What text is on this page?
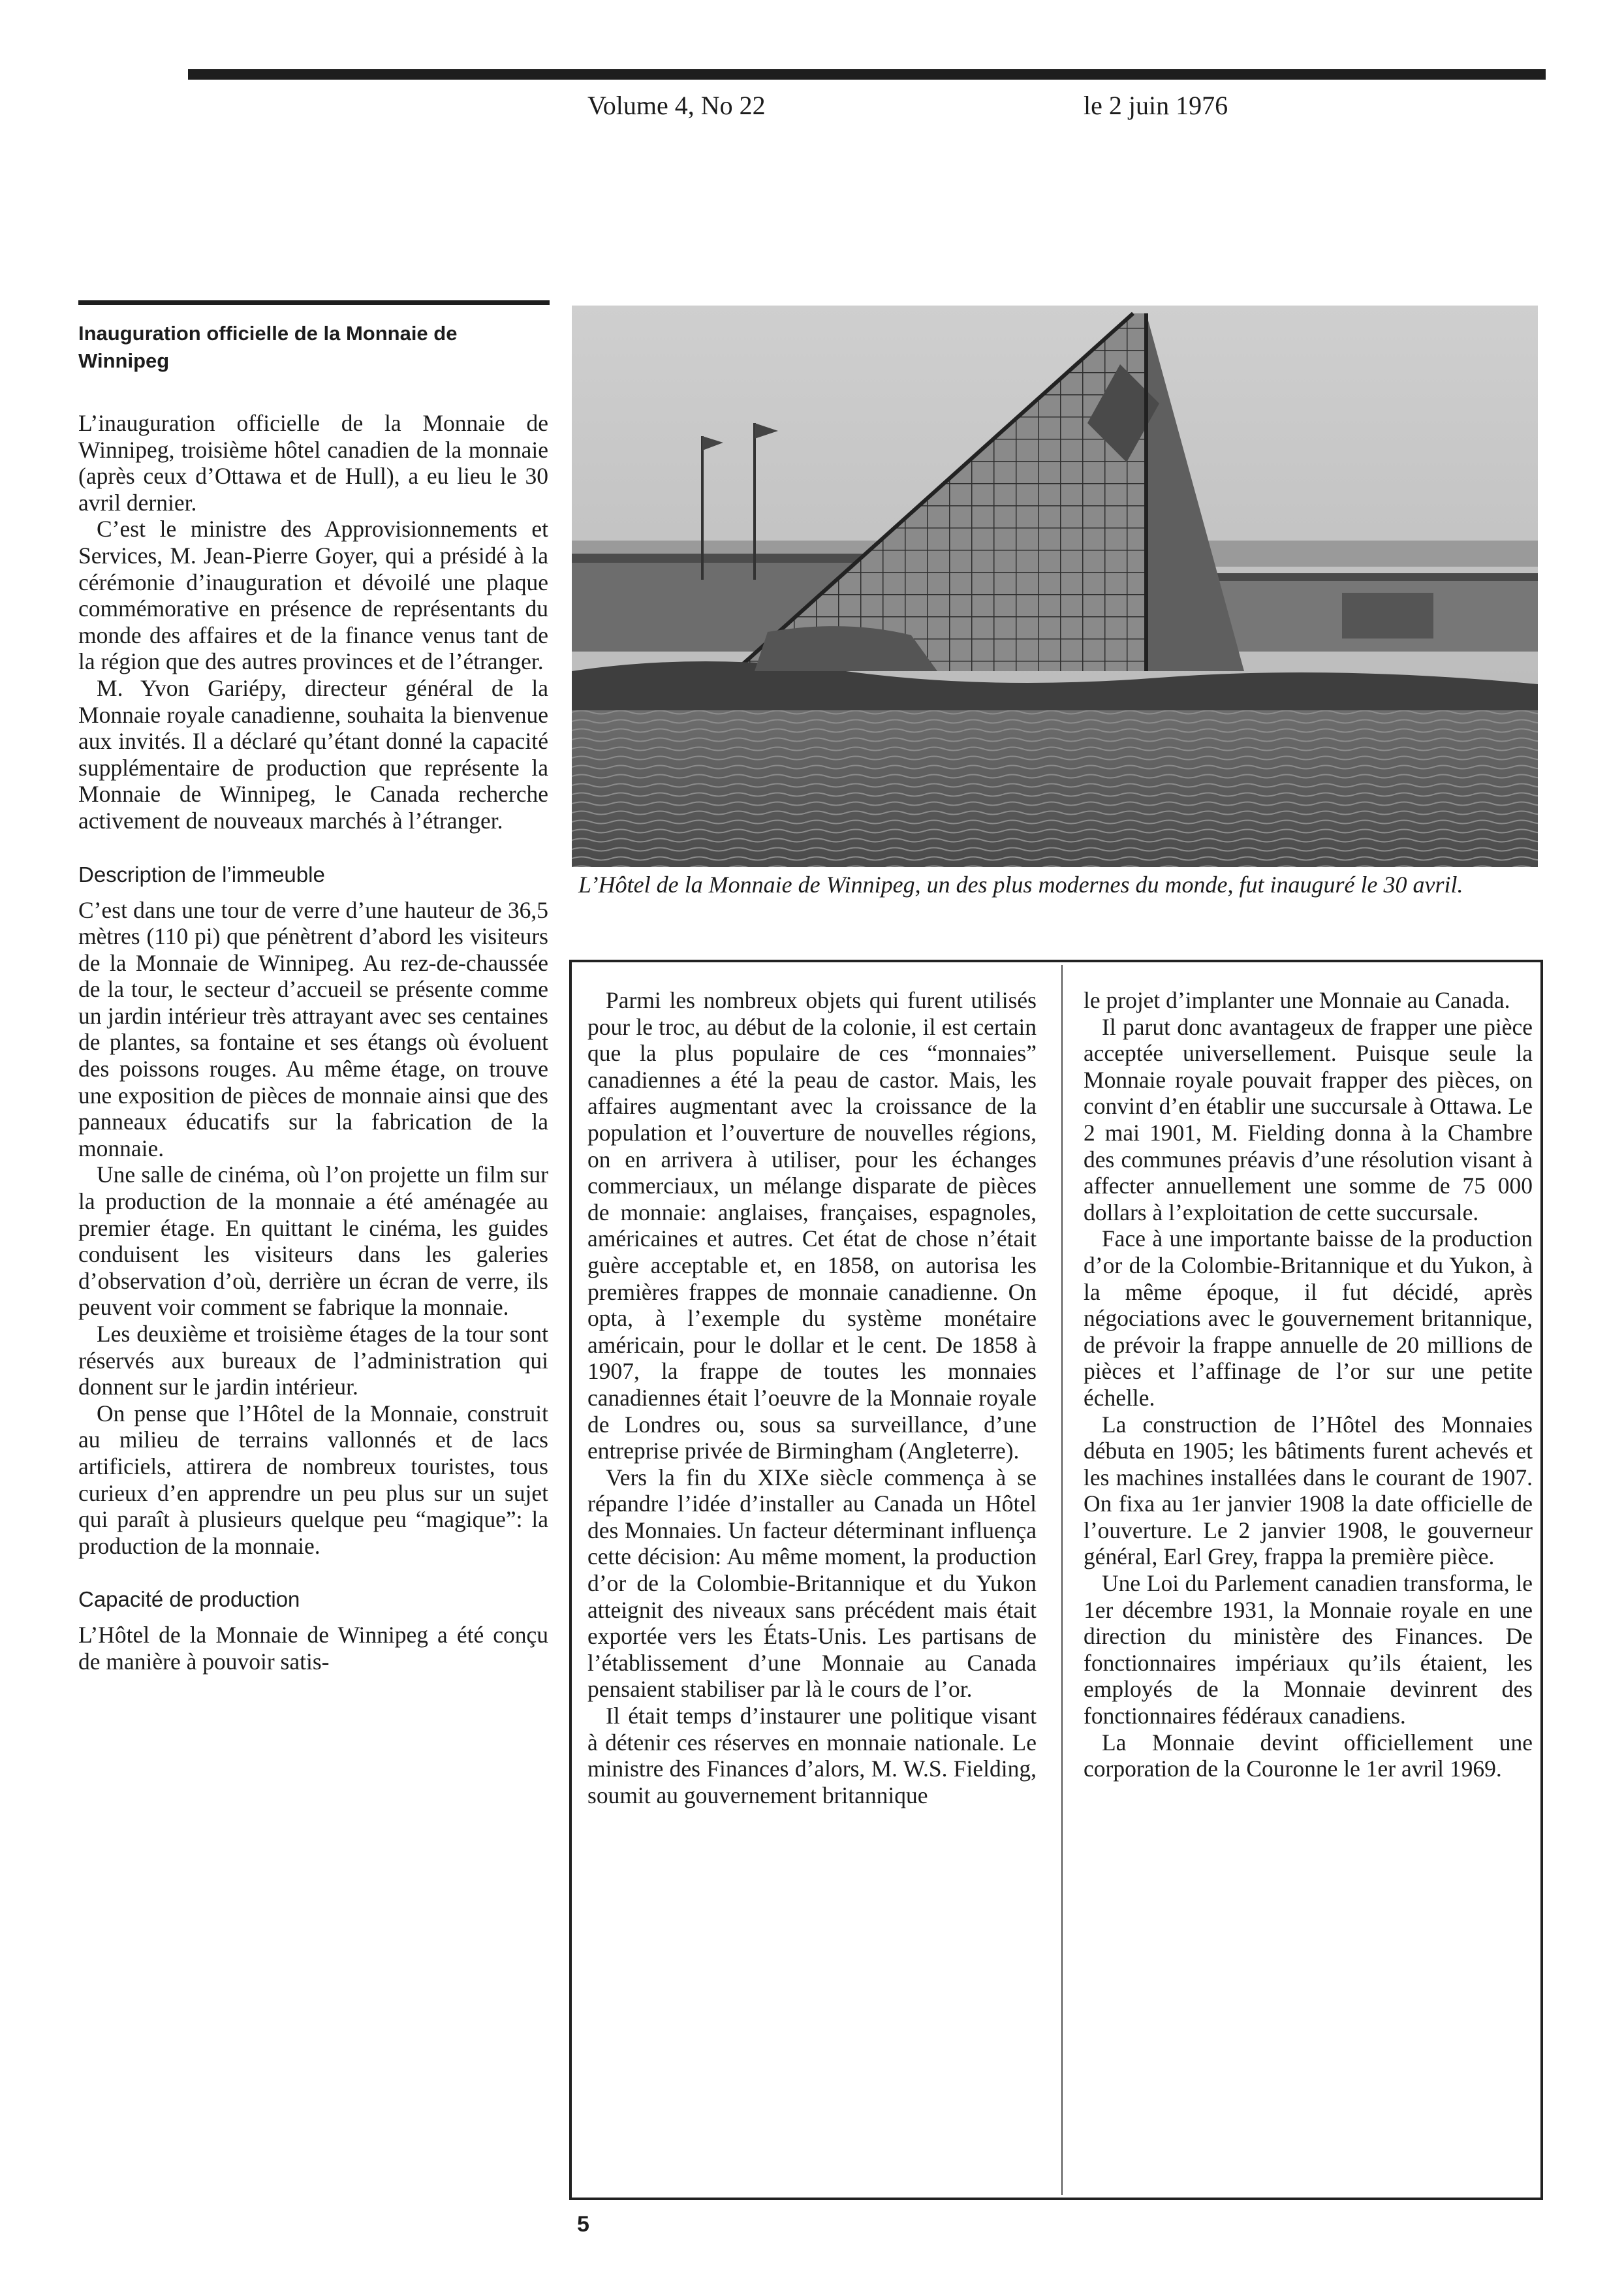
Volume 4, No 22	le 2 juin 1976
Inauguration officielle de la Monnaie de Winnipeg

L’inauguration officielle de la Monnaie de Winnipeg, troisième hôtel canadien de la monnaie (après ceux d’Ottawa et de Hull), a eu lieu le 30 avril dernier.

C’est le ministre des Approvisionnements et Services, M. Jean-Pierre Goyer, qui a présidé à la cérémonie d’inauguration et dévoilé une plaque commémorative en présence de représentants du monde des affaires et de la finance venus tant de la région que des autres provinces et de l’étranger.

M. Yvon Gariépy, directeur général de la Monnaie royale canadienne, souhaita la bienvenue aux invités. Il a déclaré qu’étant donné la capacité supplémentaire de production que représente la Monnaie de Winnipeg, le Canada recherche activement de nouveaux marchés à l’étranger.

Description de l’immeuble

C’est dans une tour de verre d’une hauteur de 36,5 mètres (110 pi) que pénètrent d’abord les visiteurs de la Monnaie de Winnipeg. Au rez-de-chaussée de la tour, le secteur d’accueil se présente comme un jardin intérieur très attrayant avec ses centaines de plantes, sa fontaine et ses étangs où évoluent des poissons rouges. Au même étage, on trouve une exposition de pièces de monnaie ainsi que des panneaux éducatifs sur la fabrication de la monnaie.

Une salle de cinéma, où l’on projette un film sur la production de la monnaie a été aménagée au premier étage. En quittant le cinéma, les guides conduisent les visiteurs dans les galeries d’observation d’où, derrière un écran de verre, ils peuvent voir comment se fabrique la monnaie.

Les deuxième et troisième étages de la tour sont réservés aux bureaux de l’administration qui donnent sur le jardin intérieur.

On pense que l’Hôtel de la Monnaie, construit au milieu de terrains vallonnés et de lacs artificiels, attirera de nombreux touristes, tous curieux d’en apprendre un peu plus sur un sujet qui paraît à plusieurs quelque peu “magique”: la production de la monnaie.

Capacité de production

L’Hôtel de la Monnaie de Winnipeg a été conçu de manière à pouvoir satis-

L’Hôtel de la Monnaie de Winnipeg, un des plus modernes du monde, fut inauguré le 30 avril.

Parmi les nombreux objets qui furent utilisés pour le troc, au début de la colonie, il est certain que la plus populaire de ces “monnaies” canadiennes a été la peau de castor. Mais, les affaires augmentant avec la croissance de la population et l’ouverture de nouvelles régions, on en arrivera à utiliser, pour les échanges commerciaux, un mélange disparate de pièces de monnaie: anglaises, françaises, espagnoles, américaines et autres. Cet état de chose n’était guère acceptable et, en 1858, on autorisa les premières frappes de monnaie canadienne. On opta, à l’exemple du système monétaire américain, pour le dollar et le cent. De 1858 à 1907, la frappe de toutes les monnaies canadiennes était l’oeuvre de la Monnaie royale de Londres ou, sous sa surveillance, d’une entreprise privée de Birmingham (Angleterre).

Vers la fin du XIXe siècle commença à se répandre l’idée d’installer au Canada un Hôtel des Monnaies. Un facteur déterminant influença cette décision: Au même moment, la production d’or de la Colombie-Britannique et du Yukon atteignit des niveaux sans précédent mais était exportée vers les États-Unis. Les partisans de l’établissement d’une Monnaie au Canada pensaient stabiliser par là le cours de l’or.

Il était temps d’instaurer une politique visant à détenir ces réserves en monnaie nationale. Le ministre des Finances d’alors, M. W.S. Fielding, soumit au gouvernement britannique

le projet d’implanter une Monnaie au Canada.

Il parut donc avantageux de frapper une pièce acceptée universellement. Puisque seule la Monnaie royale pouvait frapper des pièces, on convint d’en établir une succursale à Ottawa. Le 2 mai 1901, M. Fielding donna à la Chambre des communes préavis d’une résolution visant à affecter annuellement une somme de 75 000 dollars à l’exploitation de cette succursale.

Face à une importante baisse de la production d’or de la Colombie-Britannique et du Yukon, à la même époque, il fut décidé, après négociations avec le gouvernement britannique, de prévoir la frappe annuelle de 20 millions de pièces et l’affinage de l’or sur une petite échelle.

La construction de l’Hôtel des Monnaies débuta en 1905; les bâtiments furent achevés et les machines installées dans le courant de 1907. On fixa au 1er janvier 1908 la date officielle de l’ouverture. Le 2 janvier 1908, le gouverneur général, Earl Grey, frappa la première pièce.

Une Loi du Parlement canadien transforma, le 1er décembre 1931, la Monnaie royale en une direction du ministère des Finances. De fonctionnaires impériaux qu’ils étaient, les employés de la Monnaie devinrent des fonctionnaires fédéraux canadiens.

La Monnaie devint officiellement une corporation de la Couronne le 1er avril 1969.

5
